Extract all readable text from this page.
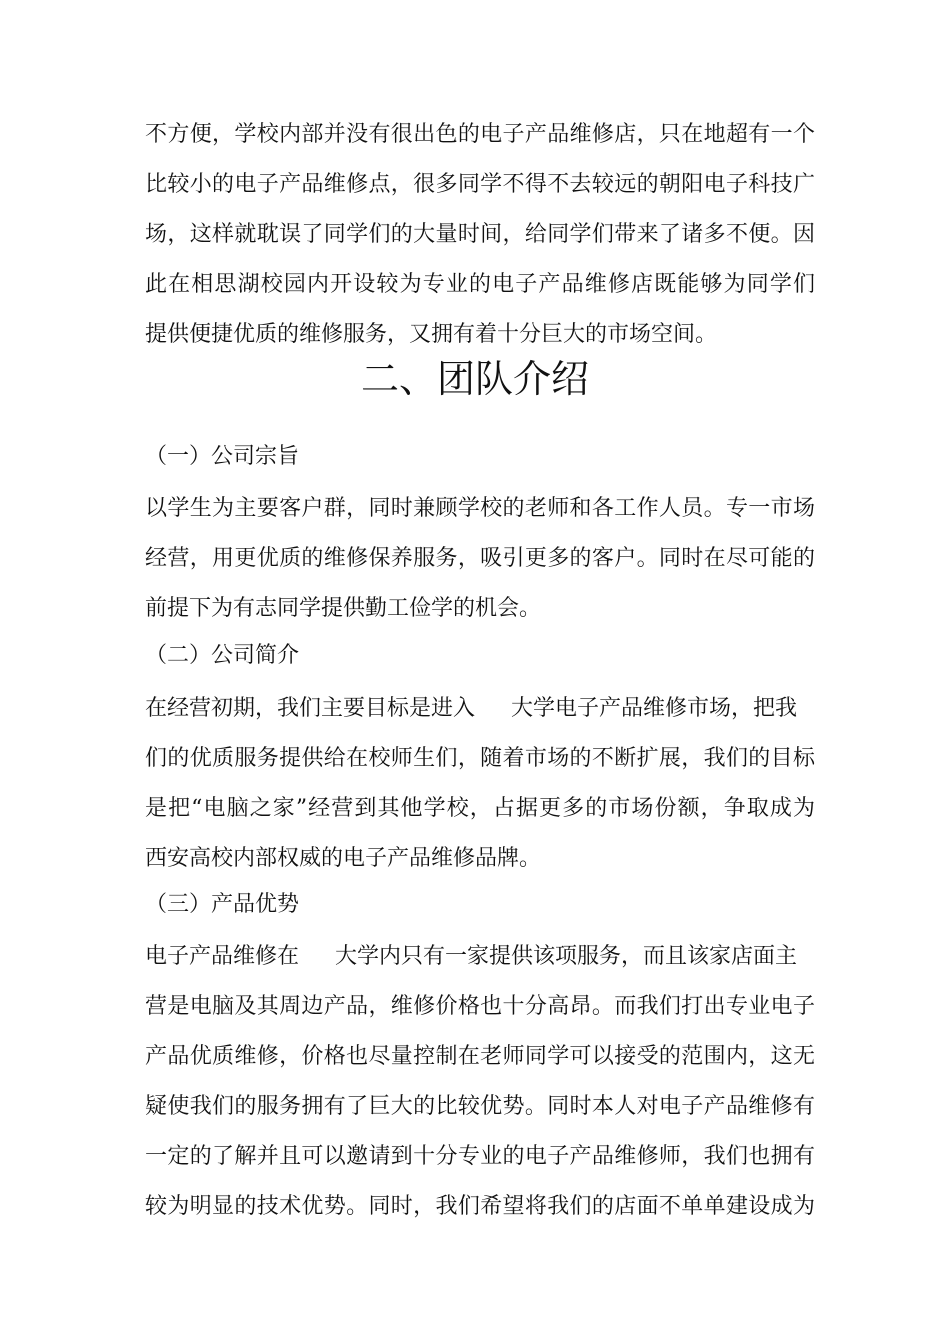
不方便，学校内部并没有很出色的电子产品维修店，只在地超有一个
比较小的电子产品维修点，很多同学不得不去较远的朝阳电子科技广
场，这样就耽误了同学们的大量时间，给同学们带来了诸多不便。因
此在相思湖校园内开设较为专业的电子产品维修店既能够为同学们
提供便捷优质的维修服务，又拥有着十分巨大的市场空间。
二、团队介绍
（一）公司宗旨
以学生为主要客户群，同时兼顾学校的老师和各工作人员。专一市场
经营，用更优质的维修保养服务，吸引更多的客户。同时在尽可能的
前提下为有志同学提供勤工俭学的机会。
（二）公司简介
在经营初期，我们主要目标是进入 大学电子产品维修市场，把我
们的优质服务提供给在校师生们，随着市场的不断扩展，我们的目标
是把“电脑之家”经营到其他学校，占据更多的市场份额，争取成为
西安高校内部权威的电子产品维修品牌。
（三）产品优势
电子产品维修在 大学内只有一家提供该项服务，而且该家店面主
营是电脑及其周边产品，维修价格也十分高昂。而我们打出专业电子
产品优质维修，价格也尽量控制在老师同学可以接受的范围内，这无
疑使我们的服务拥有了巨大的比较优势。同时本人对电子产品维修有
一定的了解并且可以邀请到十分专业的电子产品维修师，我们也拥有
较为明显的技术优势。同时，我们希望将我们的店面不单单建设成为
